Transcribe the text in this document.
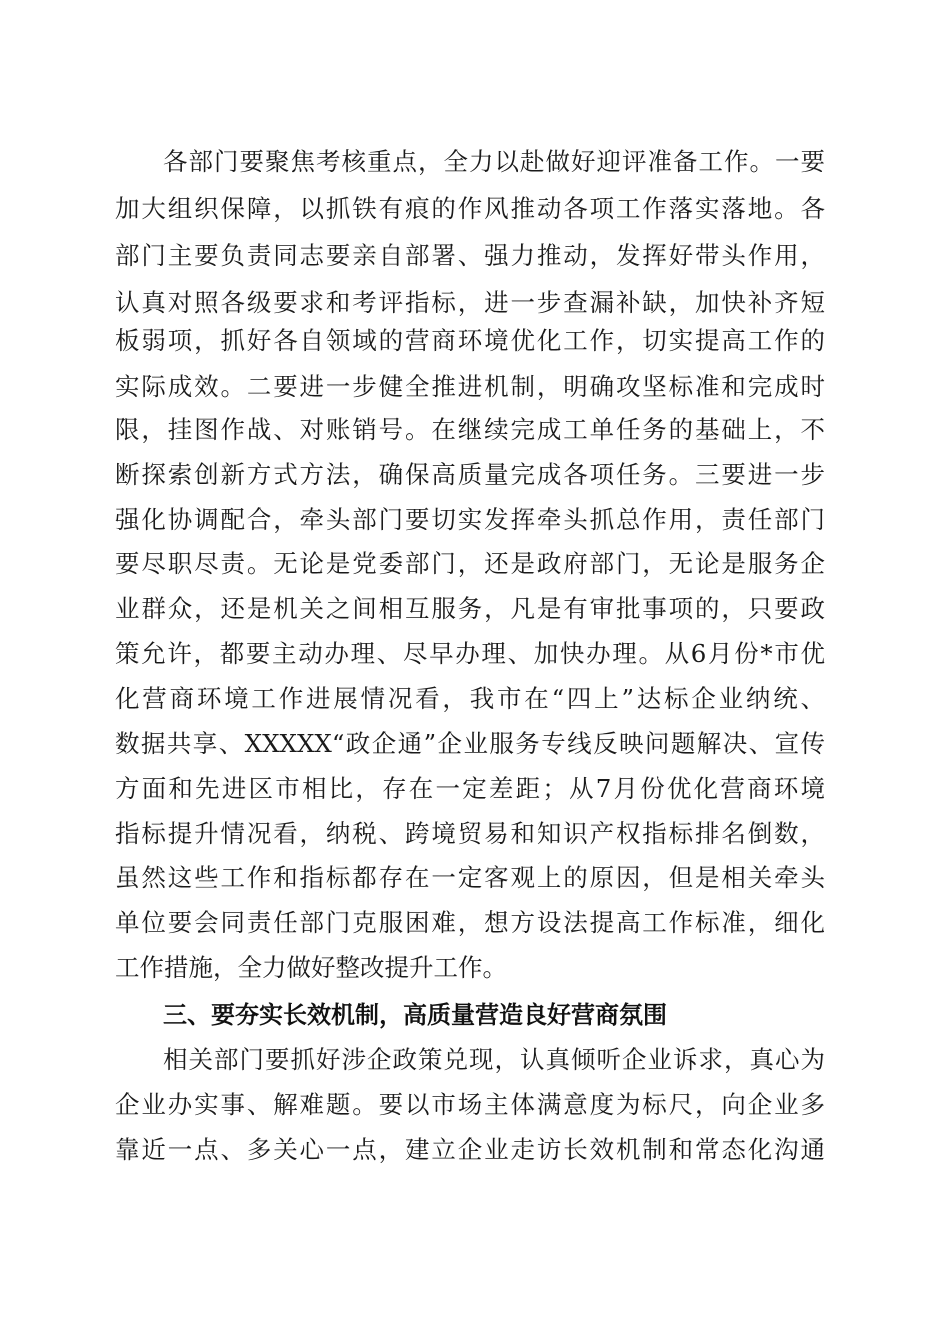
各部门要聚焦考核重点，全力以赴做好迎评准备工作。一要
加大组织保障，以抓铁有痕的作风推动各项工作落实落地。各
部门主要负责同志要亲自部署、强力推动，发挥好带头作用，
认真对照各级要求和考评指标，进一步查漏补缺，加快补齐短
板弱项，抓好各自领域的营商环境优化工作，切实提高工作的
实际成效。二要进一步健全推进机制，明确攻坚标准和完成时
限，挂图作战、对账销号。在继续完成工单任务的基础上，不
断探索创新方式方法，确保高质量完成各项任务。三要进一步
强化协调配合，牵头部门要切实发挥牵头抓总作用，责任部门
要尽职尽责。无论是党委部门，还是政府部门，无论是服务企
业群众，还是机关之间相互服务，凡是有审批事项的，只要政
策允许，都要主动办理、尽早办理、加快办理。从6月份*市优
化营商环境工作进展情况看，我市在“四上”达标企业纳统、
数据共享、XXXXX“政企通”企业服务专线反映问题解决、宣传
方面和先进区市相比，存在一定差距；从7月份优化营商环境
指标提升情况看，纳税、跨境贸易和知识产权指标排名倒数，
虽然这些工作和指标都存在一定客观上的原因，但是相关牵头
单位要会同责任部门克服困难，想方设法提高工作标准，细化
工作措施，全力做好整改提升工作。
三、要夯实长效机制，高质量营造良好营商氛围
相关部门要抓好涉企政策兑现，认真倾听企业诉求，真心为
企业办实事、解难题。要以市场主体满意度为标尺，向企业多
靠近一点、多关心一点，建立企业走访长效机制和常态化沟通
